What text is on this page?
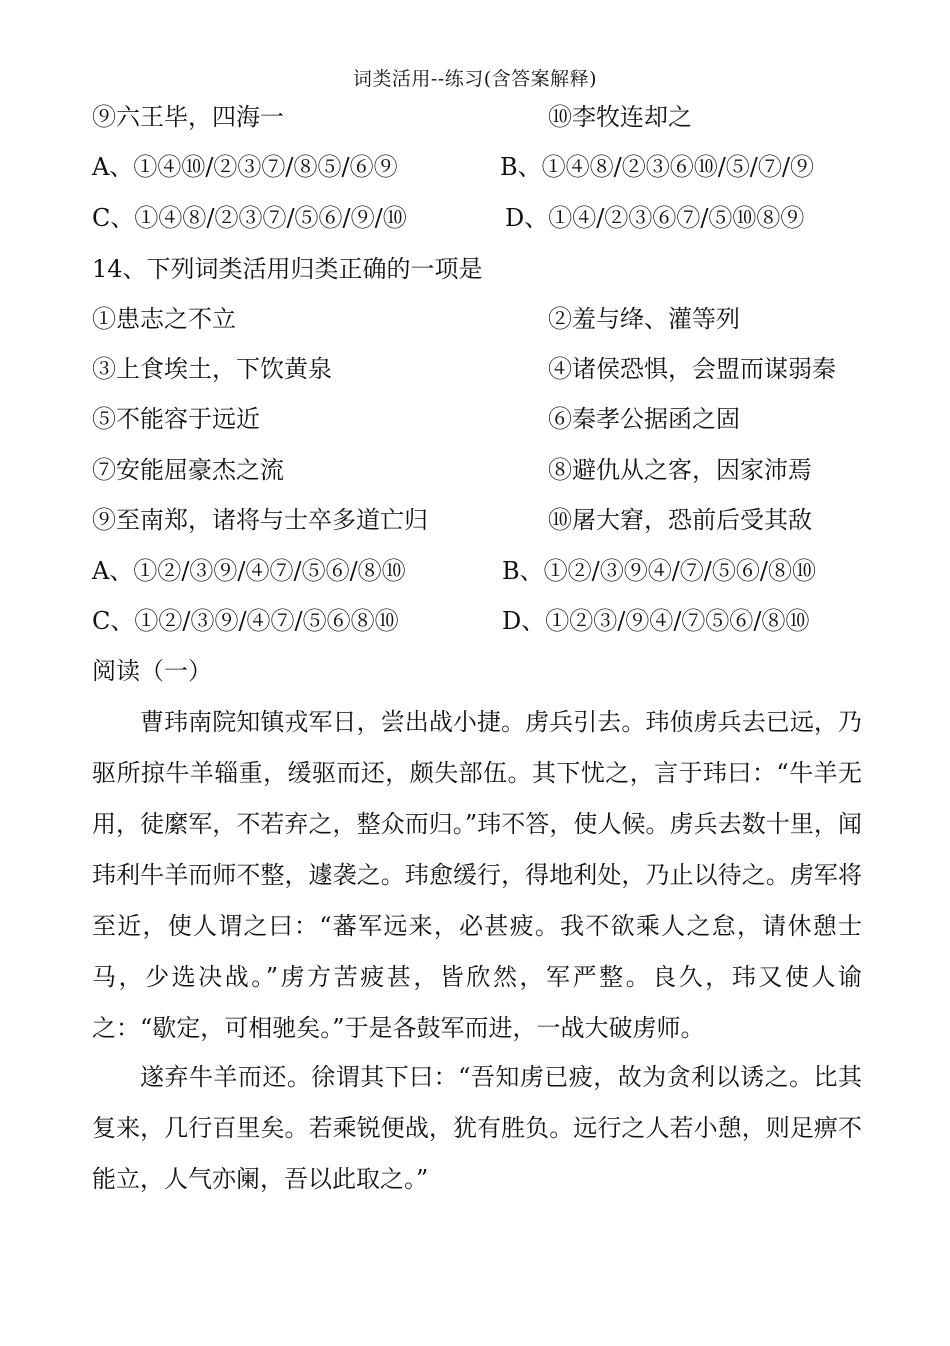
词类活用--练习(含答案解释)
⑨六王毕，四海一	⑩李牧连却之
A、①④⑩/②③⑦/⑧⑤/⑥⑨	B、①④⑧/②③⑥⑩/⑤/⑦/⑨
C、①④⑧/②③⑦/⑤⑥/⑨/⑩	D、①④/②③⑥⑦/⑤⑩⑧⑨
14、下列词类活用归类正确的一项是
①患志之不立	②羞与绛、灌等列
③上食埃土，下饮黄泉	④诸侯恐惧，会盟而谋弱秦
⑤不能容于远近	⑥秦孝公据函之固
⑦安能屈豪杰之流	⑧避仇从之客，因家沛焉
⑨至南郑，诸将与士卒多道亡归	⑩屠大窘，恐前后受其敌
A、①②/③⑨/④⑦/⑤⑥/⑧⑩	B、①②/③⑨④/⑦/⑤⑥/⑧⑩
C、①②/③⑨/④⑦/⑤⑥⑧⑩	D、①②③/⑨④/⑦⑤⑥/⑧⑩
阅读（一）
曹玮南院知镇戎军日，尝出战小捷。虏兵引去。玮侦虏兵去已远，乃驱所掠牛羊辎重，缓驱而还，颇失部伍。其下忧之，言于玮曰：“牛羊无用，徒縻军，不若弃之，整众而归。”玮不答，使人候。虏兵去数十里，闻玮利牛羊而师不整，遽袭之。玮愈缓行，得地利处，乃止以待之。虏军将至近，使人谓之曰：“蕃军远来，必甚疲。我不欲乘人之怠，请休憩士马，少选决战。”虏方苦疲甚，皆欣然，军严整。良久，玮又使人谕之：“歇定，可相驰矣。”于是各鼓军而进，一战大破虏师。
遂弃牛羊而还。徐谓其下曰：“吾知虏已疲，故为贪利以诱之。比其复来，几行百里矣。若乘锐便战，犹有胜负。远行之人若小憩，则足痹不能立，人气亦阑，吾以此取之。”
